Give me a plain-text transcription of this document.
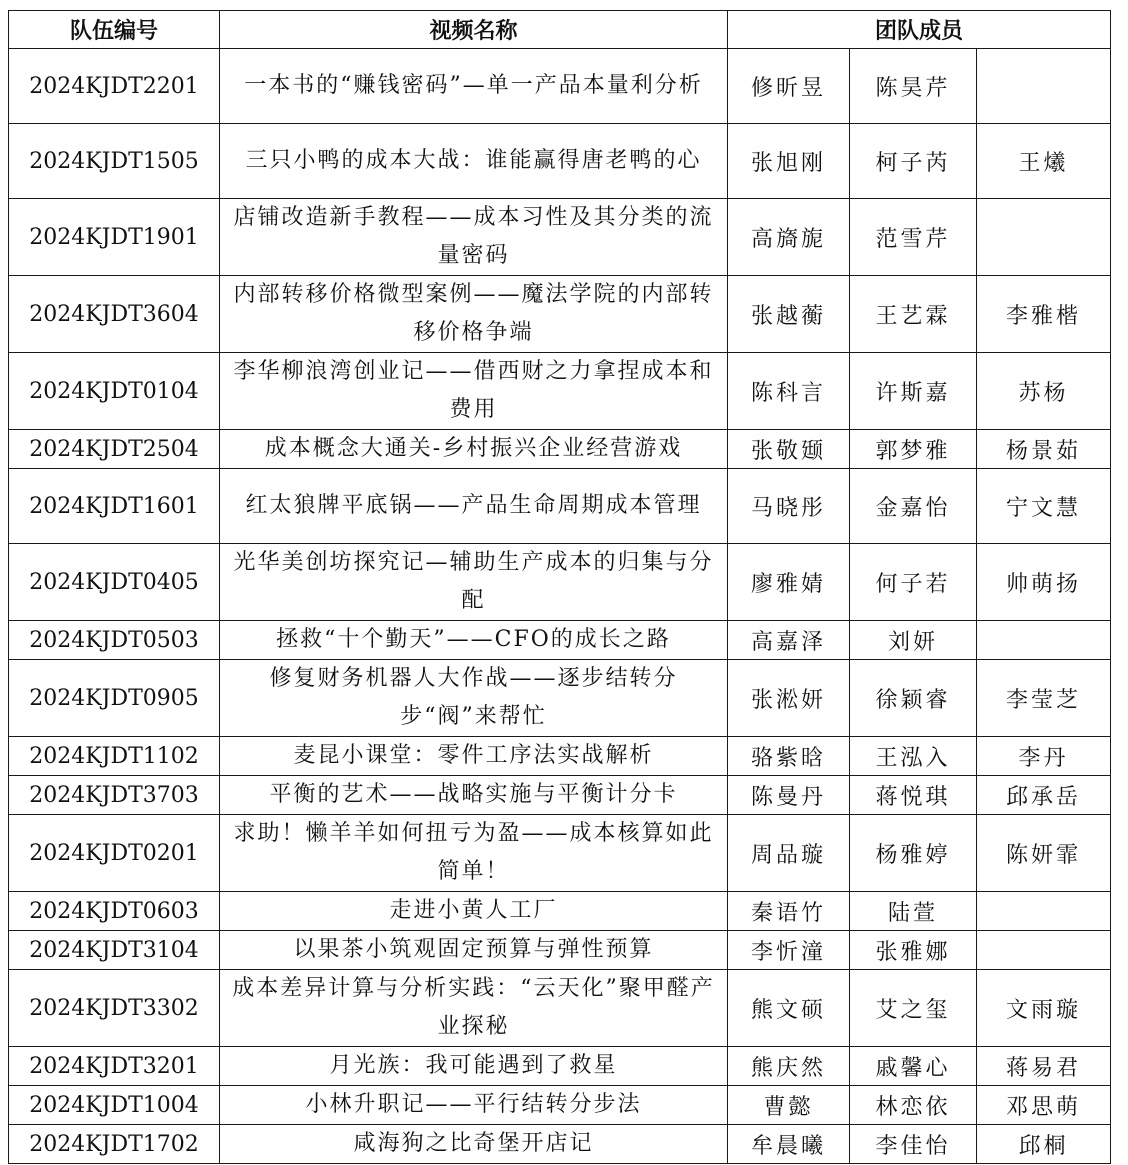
队伍编号	视频名称	团队成员		
2024KJDT2201	一本书的“赚钱密码”—单一产品本量利分析	修昕昱	陈昊芹	
2024KJDT1505	三只小鸭的成本大战：谁能赢得唐老鸭的心	张旭刚	柯子芮	王爔
2024KJDT1901	店铺改造新手教程——成本习性及其分类的流量密码	高旖旎	范雪芹	
2024KJDT3604	内部转移价格微型案例——魔法学院的内部转移价格争端	张越蘅	王艺霖	李雅楷
2024KJDT0104	李华柳浪湾创业记——借西财之力拿捏成本和费用	陈科言	许斯嘉	苏杨
2024KJDT2504	成本概念大通关-乡村振兴企业经营游戏	张敬颋	郭梦雅	杨景茹
2024KJDT1601	红太狼牌平底锅——产品生命周期成本管理	马晓彤	金嘉怡	宁文慧
2024KJDT0405	光华美创坊探究记—辅助生产成本的归集与分配	廖雅婧	何子若	帅萌扬
2024KJDT0503	拯救“十个勤天”——CFO的成长之路	高嘉泽	刘妍	
2024KJDT0905	修复财务机器人大作战——逐步结转分步“阀”来帮忙	张淞妍	徐颖睿	李莹芝
2024KJDT1102	麦昆小课堂：零件工序法实战解析	骆紫晗	王泓入	李丹
2024KJDT3703	平衡的艺术——战略实施与平衡计分卡	陈曼丹	蒋悦琪	邱承岳
2024KJDT0201	求助！懒羊羊如何扭亏为盈——成本核算如此简单！	周品璇	杨雅婷	陈妍霏
2024KJDT0603	走进小黄人工厂	秦语竹	陆萱	
2024KJDT3104	以果茶小筑观固定预算与弹性预算	李忻潼	张雅娜	
2024KJDT3302	成本差异计算与分析实践：“云天化”聚甲醛产业探秘	熊文硕	艾之玺	文雨璇
2024KJDT3201	月光族：我可能遇到了救星	熊庆然	戚馨心	蒋易君
2024KJDT1004	小林升职记——平行结转分步法	曹懿	林恋依	邓思萌
2024KJDT1702	咸海狗之比奇堡开店记	牟晨曦	李佳怡	邱桐
